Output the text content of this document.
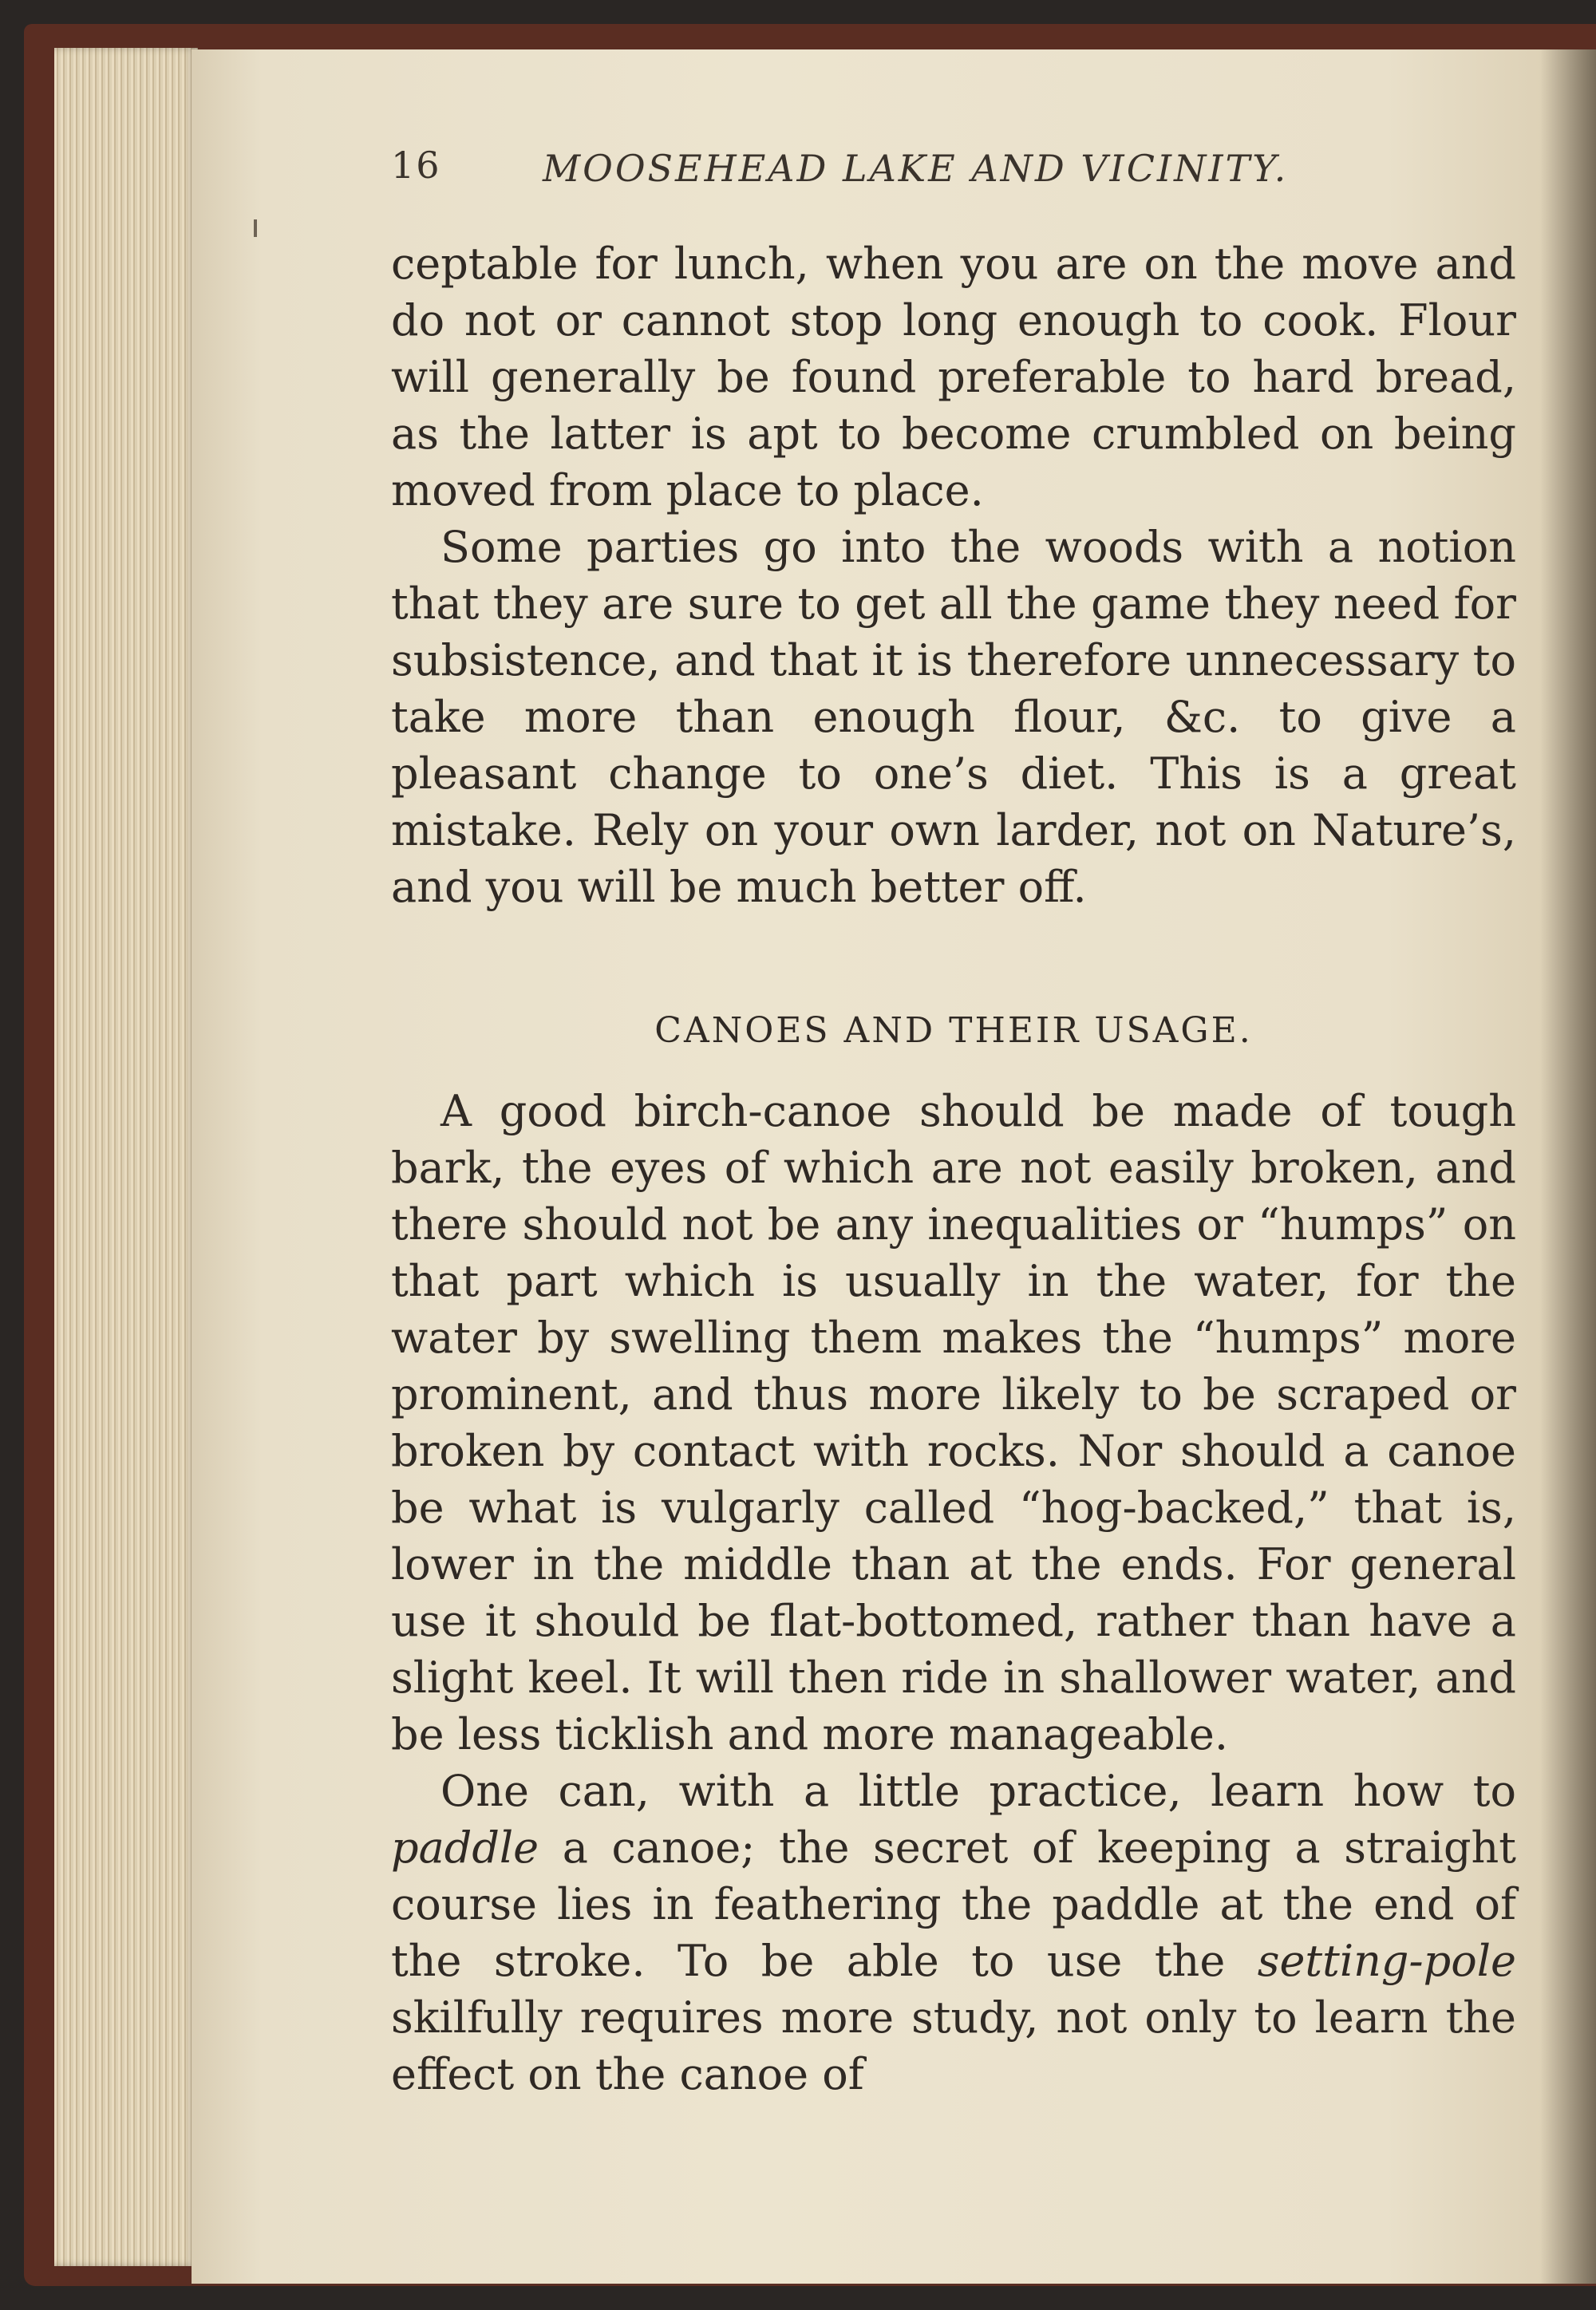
16	MOOSEHEAD LAKE AND VICINITY.

ceptable for lunch, when you are on the move and do not or cannot stop long enough to cook. Flour will generally be found preferable to hard bread, as the latter is apt to become crumbled on being moved from place to place.

Some parties go into the woods with a notion that they are sure to get all the game they need for subsistence, and that it is therefore unnecessary to take more than enough flour, &c. to give a pleasant change to one’s diet. This is a great mistake. Rely on your own larder, not on Nature’s, and you will be much better off.

CANOES AND THEIR USAGE.

A good birch-canoe should be made of tough bark, the eyes of which are not easily broken, and there should not be any inequalities or “humps” on that part which is usually in the water, for the water by swelling them makes the “humps” more prominent, and thus more likely to be scraped or broken by contact with rocks. Nor should a canoe be what is vulgarly called “hog-backed,” that is, lower in the middle than at the ends. For general use it should be flat-bottomed, rather than have a slight keel. It will then ride in shallower water, and be less ticklish and more manageable.

One can, with a little practice, learn how to paddle a canoe; the secret of keeping a straight course lies in feathering the paddle at the end of the stroke. To be able to use the setting-pole skilfully requires more study, not only to learn the effect on the canoe of
